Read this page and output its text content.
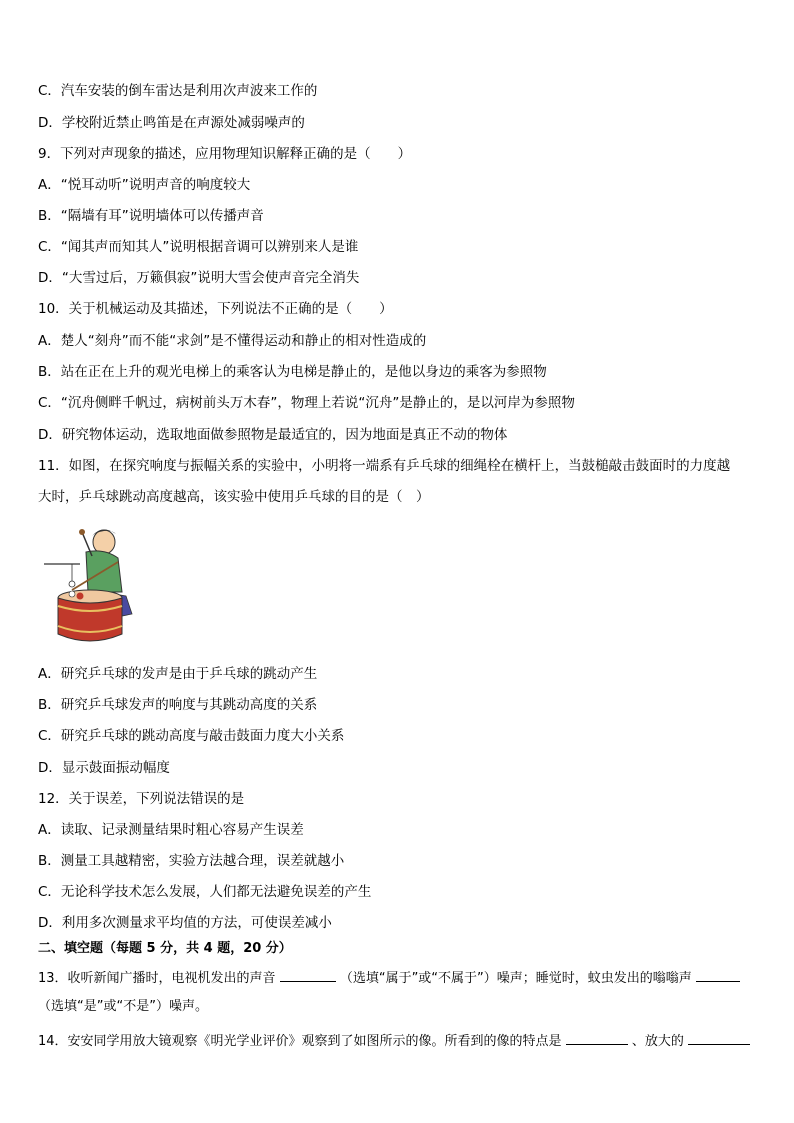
C．汽车安装的倒车雷达是利用次声波来工作的
D．学校附近禁止鸣笛是在声源处减弱噪声的
9．下列对声现象的描述，应用物理知识解释正确的是（　　）
A．“悦耳动听”说明声音的响度较大
B．“隔墙有耳”说明墙体可以传播声音
C．“闻其声而知其人”说明根据音调可以辨别来人是谁
D．“大雪过后，万籁俱寂”说明大雪会使声音完全消失
10．关于机械运动及其描述，下列说法不正确的是（　　）
A．楚人“刻舟”而不能“求剑”是不懂得运动和静止的相对性造成的
B．站在正在上升的观光电梯上的乘客认为电梯是静止的，是他以身边的乘客为参照物
C．“沉舟侧畔千帆过，病树前头万木春”，物理上若说“沉舟”是静止的，是以河岸为参照物
D．研究物体运动，选取地面做参照物是最适宜的，因为地面是真正不动的物体
11．如图，在探究响度与振幅关系的实验中，小明将一端系有乒乓球的细绳栓在横杆上，当鼓槌敲击鼓面时的力度越
大时，乒乓球跳动高度越高，该实验中使用乒乓球的目的是（　）
A．研究乒乓球的发声是由于乒乓球的跳动产生
B．研究乒乓球发声的响度与其跳动高度的关系
C．研究乒乓球的跳动高度与敲击鼓面力度大小关系
D．显示鼓面振动幅度
12．关于误差，下列说法错误的是
A．读取、记录测量结果时粗心容易产生误差
B．测量工具越精密，实验方法越合理，误差就越小
C．无论科学技术怎么发展，人们都无法避免误差的产生
D．利用多次测量求平均值的方法，可使误差减小
二、填空题（每题 5 分，共 4 题，20 分）
13．收听新闻广播时，电视机发出的声音	（选填“属于”或“不属于”）噪声；睡觉时，蚊虫发出的嗡嗡声
（选填“是”或“不是”）噪声。
14．安安同学用放大镜观察《明光学业评价》观察到了如图所示的像。所看到的像的特点是	、放大的
